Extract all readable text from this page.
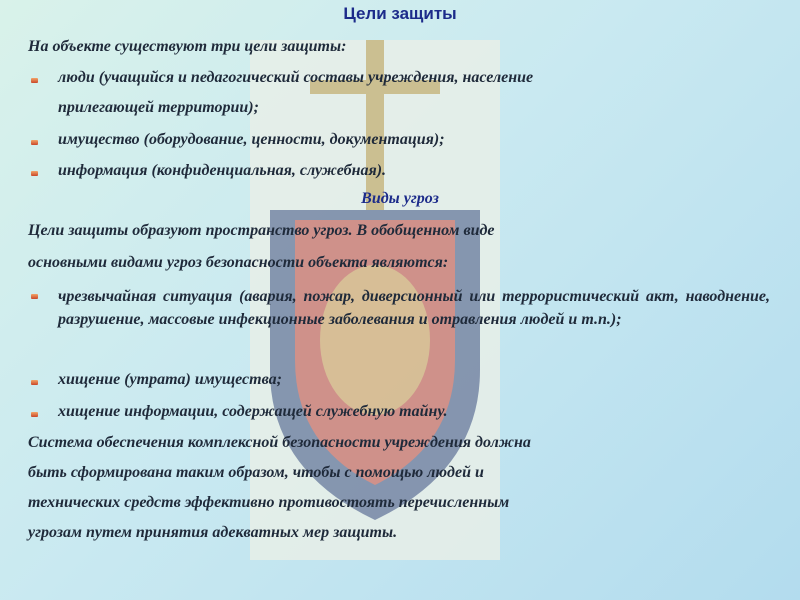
Цели защиты
На объекте существуют три цели защиты:
люди (учащийся и педагогический составы учреждения, население
прилегающей территории);
имущество (оборудование, ценности, документация);
информация (конфиденциальная, служебная).
Виды угроз
Цели защиты образуют пространство угроз. В обобщенном виде
основными видами угроз безопасности объекта являются:
чрезвычайная ситуация (авария, пожар, диверсионный или террористический акт, наводнение, разрушение, массовые инфекционные заболевания и отравления людей и т.п.);
хищение (утрата) имущества;
хищение информации, содержащей служебную тайну.
Система обеспечения комплексной безопасности учреждения должна
быть сформирована таким образом, чтобы с помощью людей и
технических средств эффективно противостоять перечисленным
угрозам путем принятия адекватных мер защиты.
